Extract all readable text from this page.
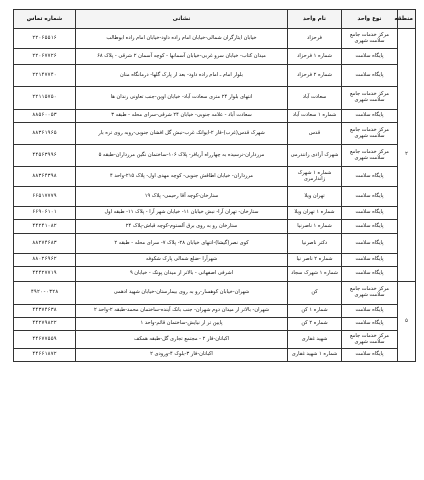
منطقه	نوع واحد	نام واحد	نشانی	شماره تماس
۲	مرکز خدمات جامع سلامت شهری	فرحزاد	خیابان ایثارگران شمالی-خیابان امام زاده داود-خیابان امام زاده ابوطالب	۲۲۰۶۵۵۱۶
	پایگاه سلامت	شماره ۱ فرحزاد	میدان کتاب- خیابان سرو غربی-خیابان آسمانها - کوچه آسمان ۲ شرقی - پلاک ۶۸	۲۲۰۶۷۷۲۶
	پایگاه سلامت	شماره ۲ فرحزاد	بلوار امام ـ امام زاده داود- بعد از پارک گلها- درمانگاه منان	۲۲۱۴۷۷۴۰
	مرکز خدمات جامع سلامت شهری	سعادت آباد	انتهای بلوار ۲۴ متری سعادت آباد- خیابان اوین-جنب تعاونی زندان ها	۲۲۱۱۵۷۵۰
	پایگاه سلامت	شماره ۱ سعادت آباد	سعادت آباد - علامه جنوبی- خیابان ۲۴ شرقی-سرای محله - طبقه ۳	۸۸۵۶۰۰۵۳
	مرکز خدمات جامع سلامت شهری	قدس	شهرک قدس(غرب)-فاز ۲-ایوانک غرب-نبش گل افشان جنوبی-روبه روی تره بار	۸۸۳۶۱۹۶۵
	مرکز خدمات جامع سلامت شهری	شهرک آزادی زانندرمی	مرزداران-نرسیده به چهارراه آریافر- پلاک ۱۰۶-ساختمان نگین مرزداران-طبقه ۵	۴۴۵۶۳۹۹۶
	پایگاه سلامت	شماره ۱ شهرک ژاندارمری	مرزداران- خیابان اطاقش جنوبی- کوچه مهدی اول- پلاک ۲۱۵-واحد ۴	۸۸۳۶۴۳۹۸
	پایگاه سلامت	تهران ویلا	ستارخان-کوچه آقا رحیمی- پلاک ۱۹	۶۶۵۱۷۷۷۹
	پایگاه سلامت	شماره ۱ تهران ویلا	ستارخان- تهران آرا- نبش خیابان ۱۱- خیابان شهر آرا - پلاک ۱۱- طبقه اول	۶۶۹۰۶۱۰۱
	پایگاه سلامت	شماره ۱ ناصرنیا	ستارخان رو به روی برق آلستوم-کوچه قباش-پلاک ۲۴	۴۴۲۴۱۰۸۲
	پایگاه سلامت	دکتر ناصرنیا	کوی نصر(گیشا)-انتهای خیابان ۲۸- پلاک ۷- سرای محله - طبقه ۲	۸۸۲۷۴۶۸۳
	پایگاه سلامت	شماره ۲ ناصر نیا	شهرآرا -ضلع شمالی پارک شکوفه	۸۸۰۲۶۹۶۲
	پایگاه سلامت	شماره ۱ شهرک سجاد	اشرفی اصفهانی - بالاتر از میدان پونک - خیابان ۹	۴۴۴۲۷۷۱۹
۵	مرکز خدمات جامع سلامت شهری	کن	شهران-خیابان کوهسار-رو به روی بیمارستان-خیابان شهید ادهمی	۴۹۲۰-۰۳۲۸
	پایگاه سلامت	شماره ۱ کن	شهران- بالاتر از میدان دوم شهران- جنب بانک آینده-ساختمان محمد-طبقه ۲-واحد ۲	۴۴۳۷۴۶۳۸
	پایگاه سلامت	شماره ۲ کن	پایین تر از نیایش-ساختمان قائم-واحد ۱	۴۴۲۷۹۸۲۲
	مرکز خدمات جامع سلامت شهری	شهید غفاری	اکباتان-فاز ۲ - مجتمع تجاری گل-طبقه همکف	۴۴۶۷۷۵۵۹
	پایگاه سلامت	شماره ۱ شهید غفاری	اکباتان-فاز ۳-بلوک ۴-ورودی ۲	۴۴۶۶۱۸۷۲
